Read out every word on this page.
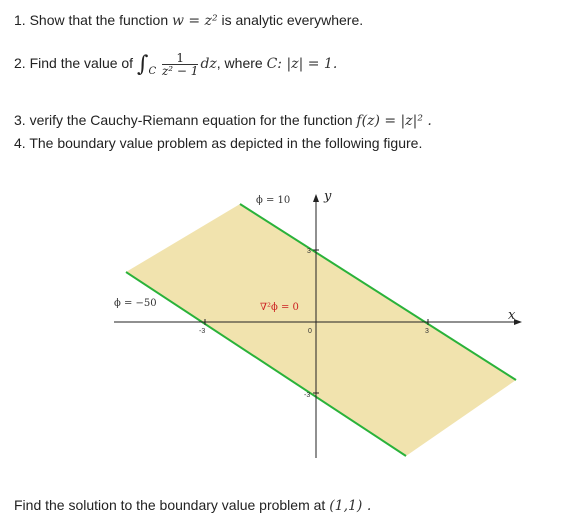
1. Show that the function w = z² is analytic everywhere.
2. Find the value of $\int_C \frac{1}{\text{z² − 1}}$ dz, where C: |z| = 1.
3. verify the Cauchy-Riemann equation for the function f(z) = |z|² .
4. The boundary value problem as depicted in the following figure.
ϕ = 10
ϕ = −50	∇²ϕ = 0
y
x
-3	3
3
-3
0
Find the solution to the boundary value problem at (1,1) .
